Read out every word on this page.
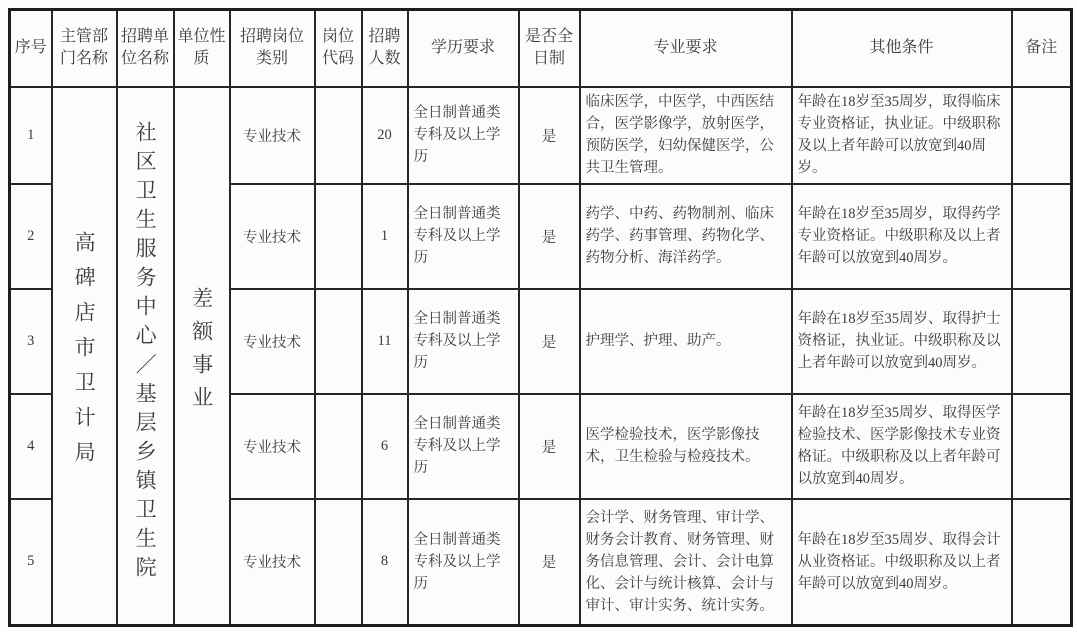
序号	主管部门名称	招聘单位名称	单位性质	招聘岗位类别	岗位代码	招聘人数	学历要求	是否全日制	专业要求	其他条件	备注
1	高碑店市卫计局	社区卫生服务中心／基层乡镇卫生院	差额事业	专业技术		20	全日制普通类专科及以上学历	是	临床医学，中医学，中西医结合，医学影像学，放射医学，预防医学，妇幼保健医学，公共卫生管理。	年龄在18岁至35周岁，取得临床专业资格证，执业证。中级职称及以上者年龄可以放宽到40周岁。	
2				专业技术		1	全日制普通类专科及以上学历	是	药学、中药、药物制剂、临床药学、药事管理、药物化学、药物分析、海洋药学。	年龄在18岁至35周岁，取得药学专业资格证。中级职称及以上者年龄可以放宽到40周岁。	
3				专业技术		11	全日制普通类专科及以上学历	是	护理学、护理、助产。	年龄在18岁至35周岁、取得护士资格证，执业证。中级职称及以上者年龄可以放宽到40周岁。	
4				专业技术		6	全日制普通类专科及以上学历	是	医学检验技术，医学影像技术，卫生检验与检疫技术。	年龄在18岁至35周岁、取得医学检验技术、医学影像技术专业资格证。中级职称及以上者年龄可以放宽到40周岁。	
5				专业技术		8	全日制普通类专科及以上学历	是	会计学、财务管理、审计学、财务会计教育、财务管理、财务信息管理、会计、会计电算化、会计与统计核算、会计与审计、审计实务、统计实务。	年龄在18岁至35周岁、取得会计从业资格证。中级职称及以上者年龄可以放宽到40周岁。	
